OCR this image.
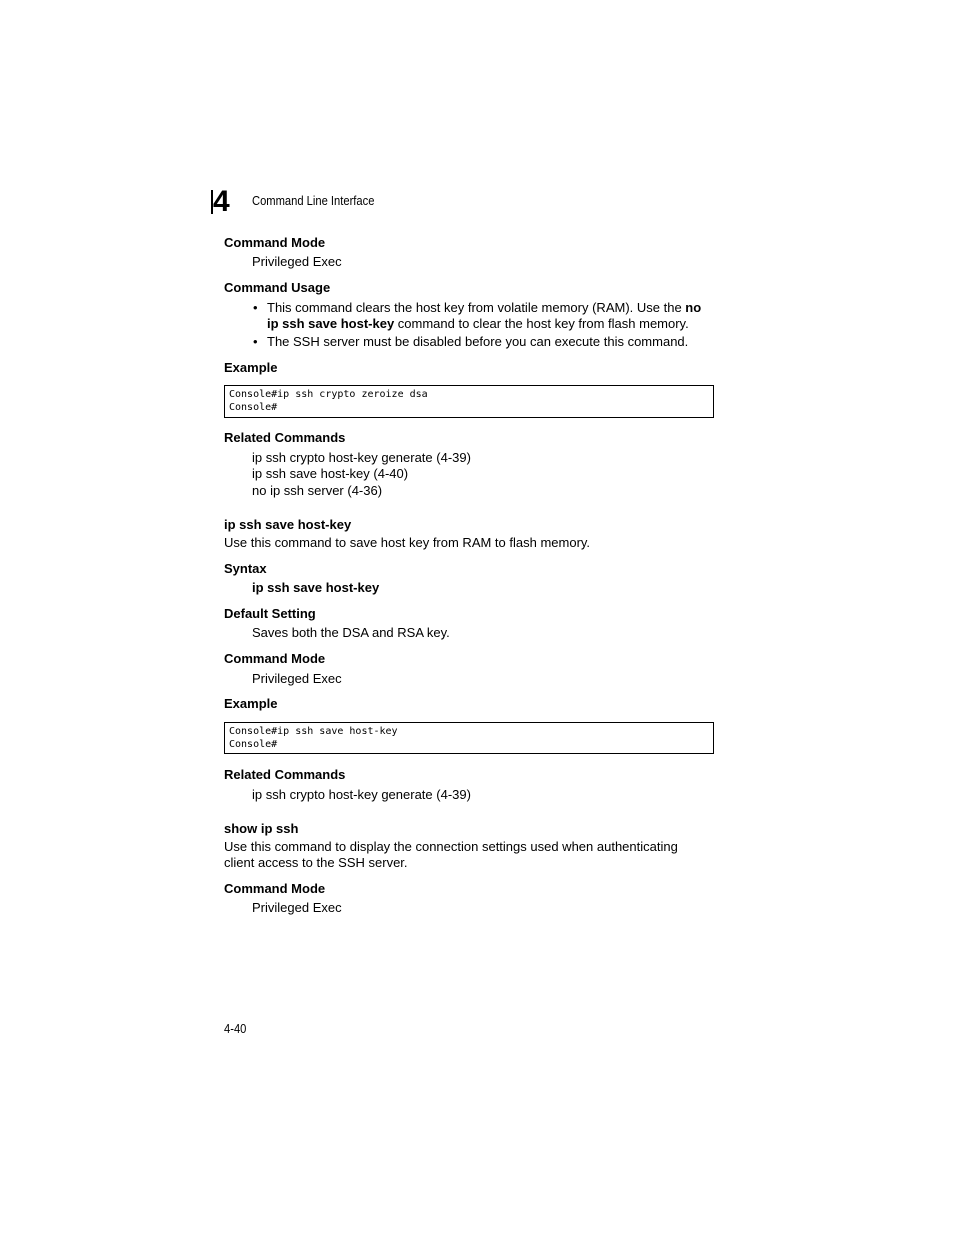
4 Command Line Interface
Command Mode
Privileged Exec
Command Usage
• This command clears the host key from volatile memory (RAM). Use the no
ip ssh save host-key command to clear the host key from flash memory.
• The SSH server must be disabled before you can execute this command.
Example
Console#ip ssh crypto zeroize dsa
Console#
Related Commands
ip ssh crypto host-key generate (4-39)
ip ssh save host-key (4-40)
no ip ssh server (4-36)
ip ssh save host-key
Use this command to save host key from RAM to flash memory.
Syntax
ip ssh save host-key
Default Setting
Saves both the DSA and RSA key.
Command Mode
Privileged Exec
Example
Console#ip ssh save host-key
Console#
Related Commands
ip ssh crypto host-key generate (4-39)
show ip ssh
Use this command to display the connection settings used when authenticating
client access to the SSH server.
Command Mode
Privileged Exec
4-40
